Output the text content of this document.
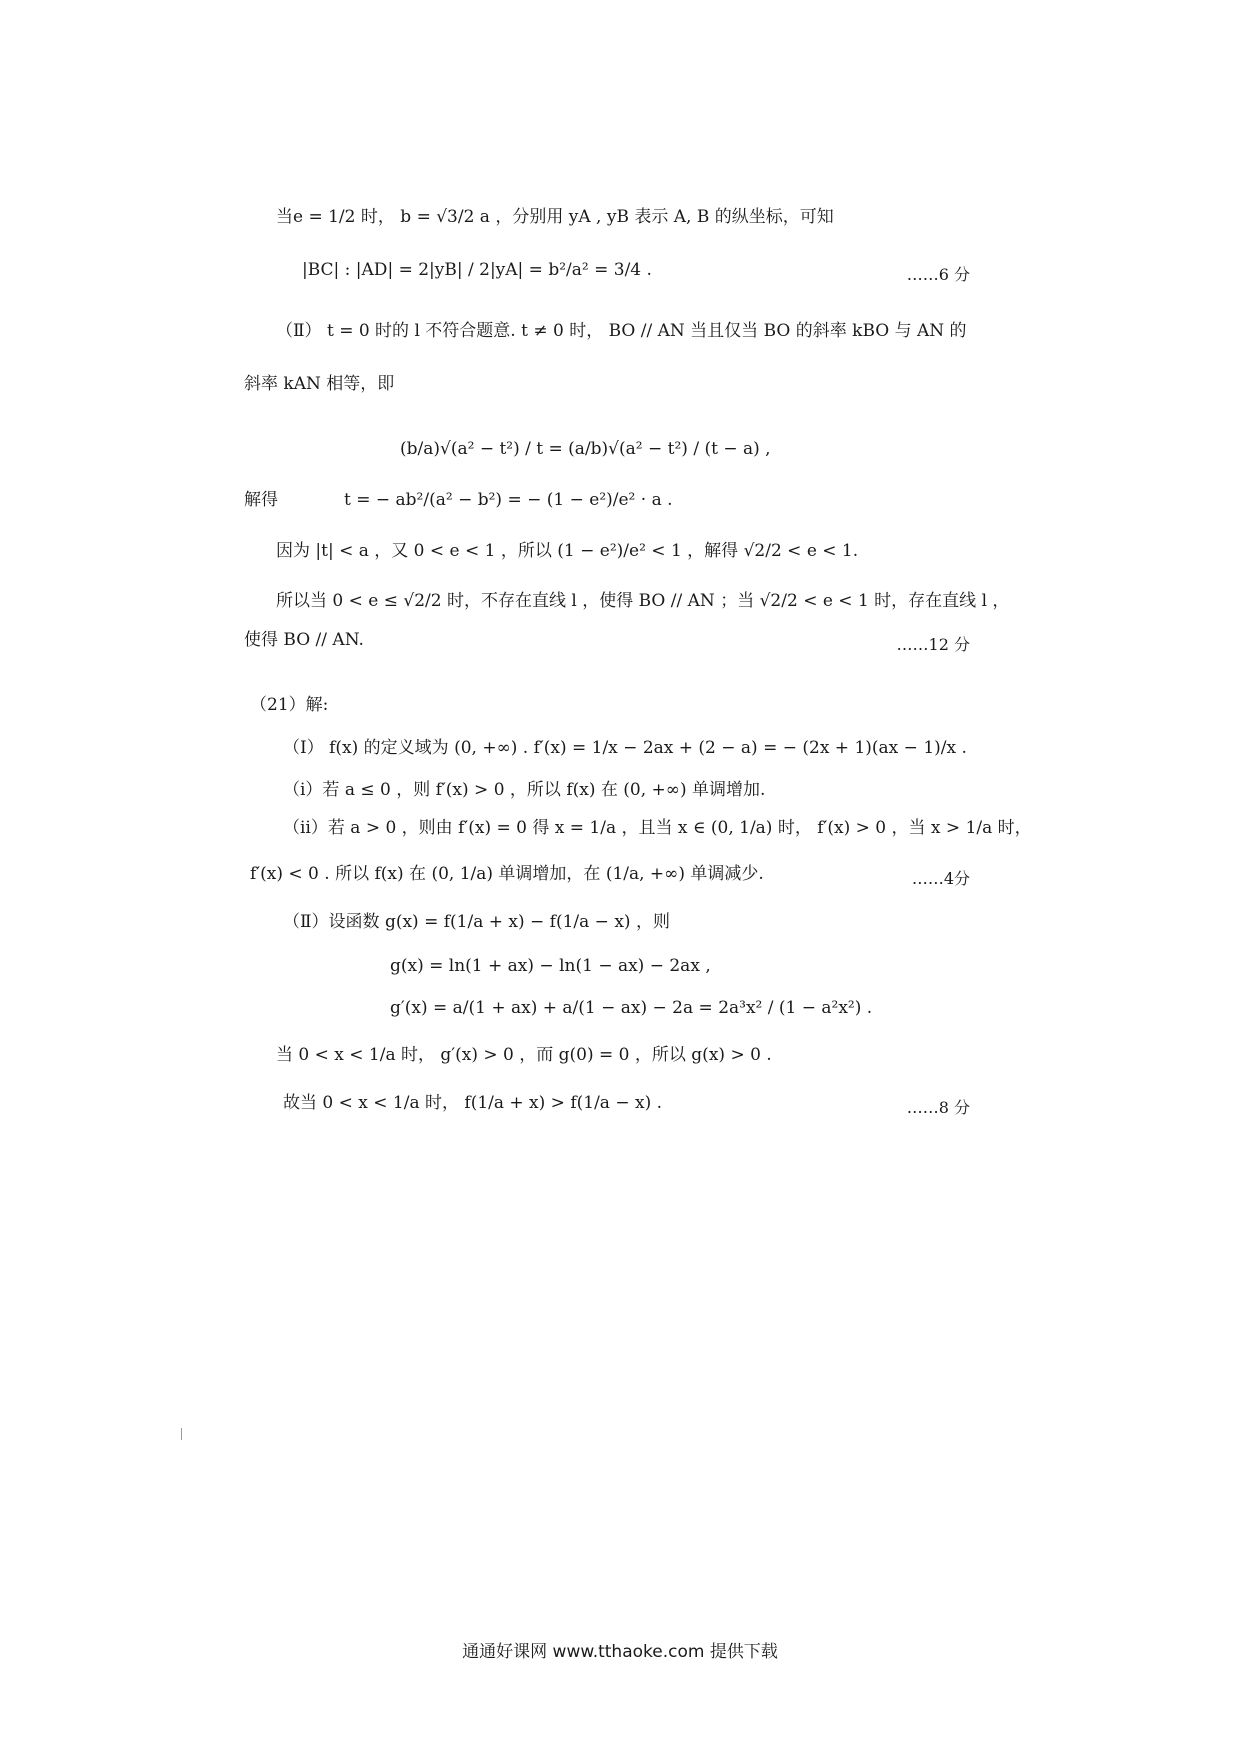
当e = 1/2 时， b = √3/2 a ，分别用 yA , yB 表示 A, B 的纵坐标，可知
|BC| : |AD| = 2|yB| / 2|yA| = b²/a² = 3/4 .	……6 分
（Ⅱ） t = 0 时的 l 不符合题意. t ≠ 0 时， BO // AN 当且仅当 BO 的斜率 kBO 与 AN 的
斜率 kAN 相等，即
(b/a)√(a² − t²) / t = (a/b)√(a² − t²) / (t − a) ,
解得	t = − ab²/(a² − b²) = − (1 − e²)/e² · a .
因为 |t| < a ，又 0 < e < 1 ，所以 (1 − e²)/e² < 1 ，解得 √2/2 < e < 1.
所以当 0 < e ≤ √2/2 时，不存在直线 l ，使得 BO // AN ；当 √2/2 < e < 1 时，存在直线 l ，
使得 BO // AN.	……12 分
（21）解:
（Ⅰ） f(x) 的定义域为 (0, +∞) . f′(x) = 1/x − 2ax + (2 − a) = − (2x + 1)(ax − 1)/x .
（ⅰ）若 a ≤ 0 ，则 f′(x) > 0 ，所以 f(x) 在 (0, +∞) 单调增加.
（ⅱ）若 a > 0 ，则由 f′(x) = 0 得 x = 1/a ，且当 x ∈ (0, 1/a) 时， f′(x) > 0 ，当 x > 1/a 时，
f′(x) < 0 . 所以 f(x) 在 (0, 1/a) 单调增加，在 (1/a, +∞) 单调减少.	……4分
（Ⅱ）设函数 g(x) = f(1/a + x) − f(1/a − x) ，则
g(x) = ln(1 + ax) − ln(1 − ax) − 2ax ,
g′(x) = a/(1 + ax) + a/(1 − ax) − 2a = 2a³x² / (1 − a²x²) .
当 0 < x < 1/a 时， g′(x) > 0 ，而 g(0) = 0 ，所以 g(x) > 0 .
故当 0 < x < 1/a 时， f(1/a + x) > f(1/a − x) .	……8 分
通通好课网 www.tthaoke.com 提供下载
